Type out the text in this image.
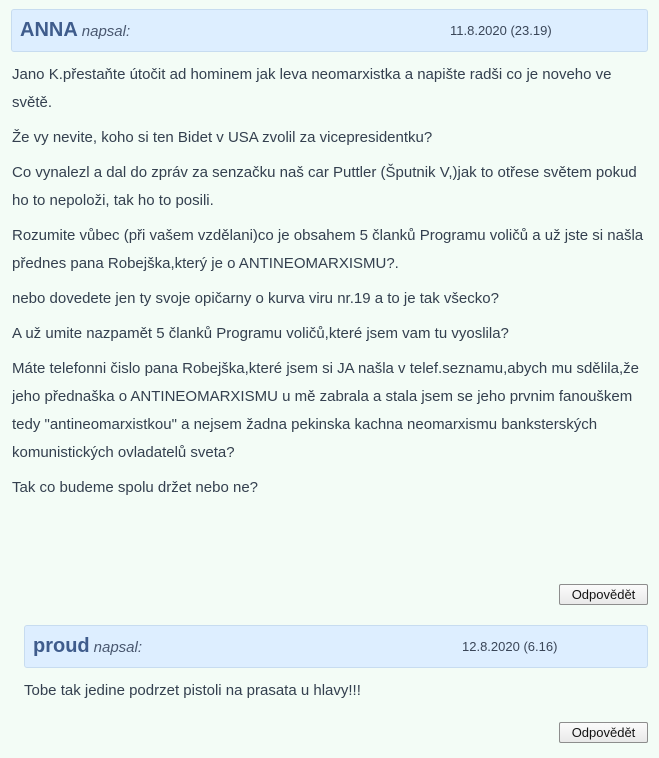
ANNA napsal:	11.8.2020 (23.19)

Jano K.přestaňte útočit ad hominem jak leva neomarxistka a napište radši co je noveho ve světě.

Že vy nevite, koho si ten Bidet v USA zvolil za vicepresidentku?

Co vynalezl a dal do zpráv za senzačku naš car Puttler (Šputnik V,)jak to otřese světem pokud ho to nepoloži, tak ho to posili.

Rozumite vůbec (při vašem vzdělani)co je obsahem 5 članků Programu voličů a už jste si našla přednes pana Robejška,který je o ANTINEOMARXISMU?.

nebo dovedete jen ty svoje opičarny o kurva viru nr.19 a to je tak všecko?

A už umite nazpamět 5 članků Programu voličů,které jsem vam tu vyoslila?

Máte telefonni čislo pana Robejška,které jsem si JA našla v telef.seznamu,abych mu sdělila,že jeho přednaška o ANTINEOMARXISMU u mě zabrala a stala jsem se jeho prvnim fanouškem tedy "antineomarxistkou" a nejsem žadna pekinska kachna neomarxismu banksterských komunistických ovladatelů sveta?

Tak co budeme spolu držet nebo ne?

Odpovědět
proud napsal:	12.8.2020 (6.16)

Tobe tak jedine podrzet pistoli na prasata u hlavy!!!

Odpovědět
